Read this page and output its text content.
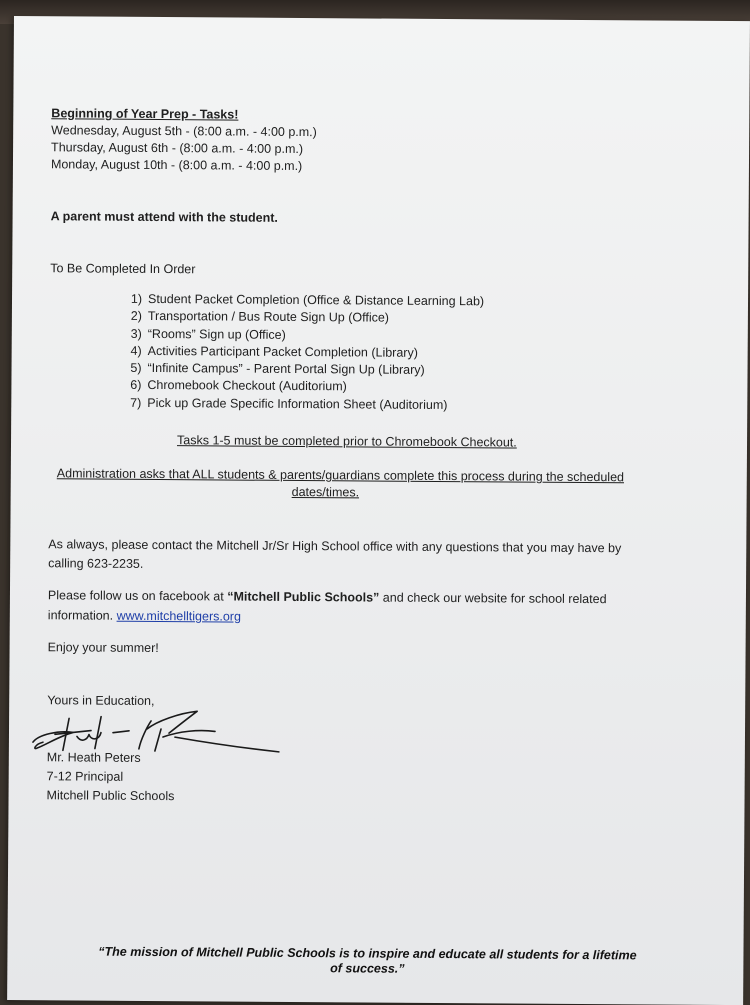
Beginning of Year Prep - Tasks!
Wednesday, August 5th - (8:00 a.m. - 4:00 p.m.)
Thursday, August 6th - (8:00 a.m. - 4:00 p.m.)
Monday, August 10th - (8:00 a.m. - 4:00 p.m.)
A parent must attend with the student.
To Be Completed In Order
1) Student Packet Completion (Office & Distance Learning Lab)
2) Transportation / Bus Route Sign Up (Office)
3) “Rooms” Sign up (Office)
4) Activities Participant Packet Completion (Library)
5) “Infinite Campus” - Parent Portal Sign Up (Library)
6) Chromebook Checkout (Auditorium)
7) Pick up Grade Specific Information Sheet (Auditorium)
Tasks 1-5 must be completed prior to Chromebook Checkout.
Administration asks that ALL students & parents/guardians complete this process during the scheduled
dates/times.
As always, please contact the Mitchell Jr/Sr High School office with any questions that you may have by
calling 623-2235.
Please follow us on facebook at “Mitchell Public Schools” and check our website for school related
information. www.mitchelltigers.org
Enjoy your summer!
Yours in Education,
Mr. Heath Peters
7-12 Principal
Mitchell Public Schools
“The mission of Mitchell Public Schools is to inspire and educate all students for a lifetime
of success.”
